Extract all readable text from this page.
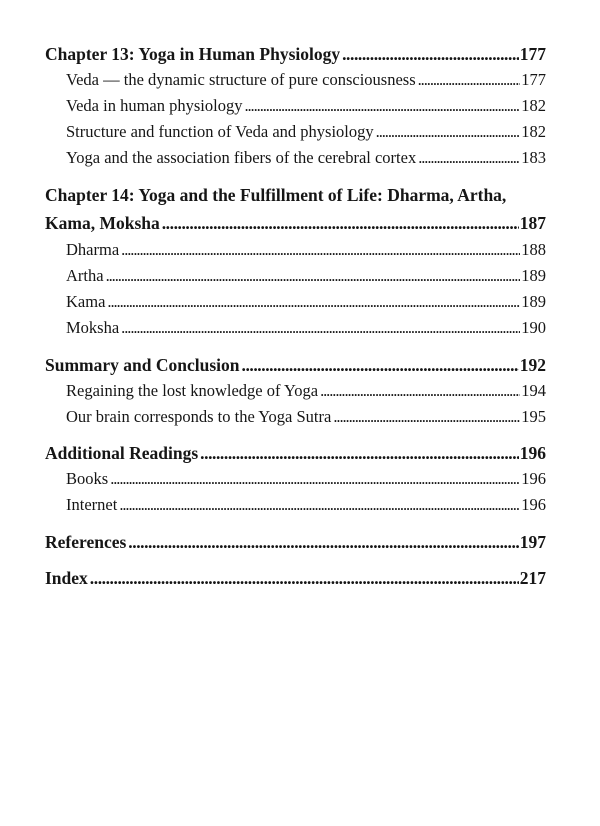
Chapter 13: Yoga in Human Physiology . . .	177
Veda — the dynamic structure of pure consciousness . . .	177
Veda in human physiology . . .	182
Structure and function of Veda and physiology . . .	182
Yoga and the association fibers of the cerebral cortex . . .	183
Chapter 14: Yoga and the Fulfillment of Life: Dharma, Artha,
Kama, Moksha . . .	187
Dharma . . .	188
Artha . . .	189
Kama . . .	189
Moksha . . .	190
Summary and Conclusion . . .	192
Regaining the lost knowledge of Yoga . . .	194
Our brain corresponds to the Yoga Sutra . . .	195
Additional Readings . . .	196
Books . . .	196
Internet . . .	196
References . . .	197
Index . . .	217
